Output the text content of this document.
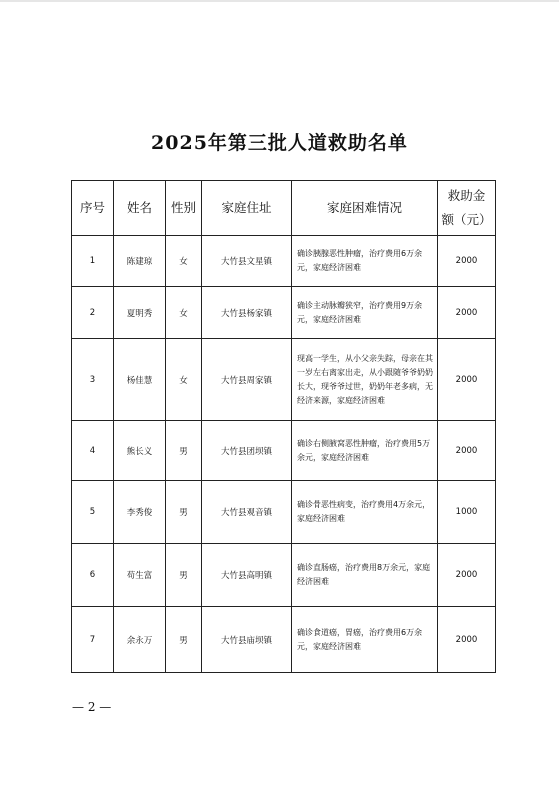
2025年第三批人道救助名单
序号	姓名	性别	家庭住址	家庭困难情况	救助金
额（元）

1	陈建琼	女	大竹县文星镇	确诊胰腺恶性肿瘤，治疗费用6万余元，家庭经济困难	2000
2	夏明秀	女	大竹县杨家镇	确诊主动脉瓣狭窄，治疗费用9万余元，家庭经济困难	2000
3	杨佳慧	女	大竹县周家镇	现高一学生，从小父亲失踪，母亲在其一岁左右离家出走，从小跟随爷爷奶奶长大，现爷爷过世，奶奶年老多病，无经济来源，家庭经济困难	2000
4	熊长义	男	大竹县团坝镇	确诊右侧腋窝恶性肿瘤，治疗费用5万余元，家庭经济困难	2000
5	李秀俊	男	大竹县观音镇	确诊骨恶性病变，治疗费用4万余元，家庭经济困难	1000
6	苟生富	男	大竹县高明镇	确诊直肠癌，治疗费用8万余元，家庭经济困难	2000
7	余永万	男	大竹县庙坝镇	确诊食道癌，胃癌，治疗费用6万余元，家庭经济困难	2000
— 2 —
